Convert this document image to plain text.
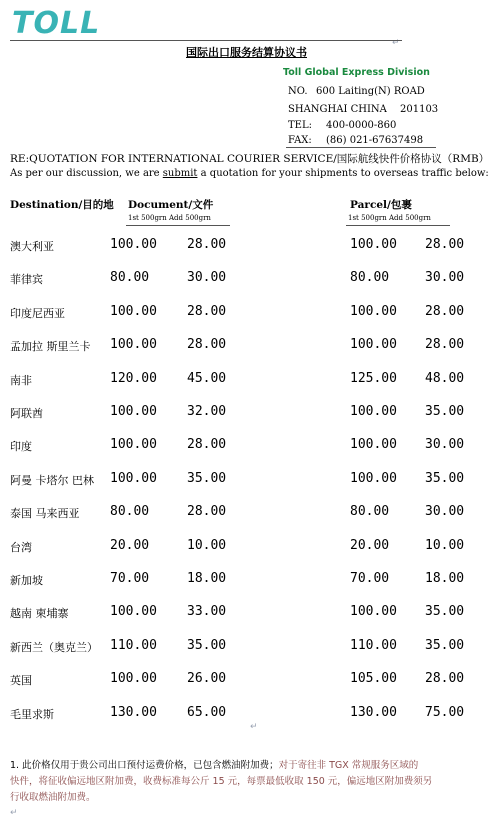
TOLL
↵
国际出口服务结算协议书
Toll Global Express Division
NO. 600 Laiting(N) ROAD
SHANGHAI CHINA 201103
TEL: 400-0000-860
FAX: (86) 021-67637498
RE:QUOTATION FOR INTERNATIONAL COURIER SERVICE/国际航线快件价格协议（RMB）
As per our discussion, we are submit a quotation for your shipments to overseas traffic below:
Destination/目的地 Document/文件	Parcel/包裹
1st 500grn Add 500grn	1st 500grn Add 500grn
澳大利亚	100.00 28.00	100.00 28.00
菲律宾	80.00	30.00	80.00	30.00
印度尼西亚	100.00 28.00	100.00 28.00
孟加拉 斯里兰卡 100.00 28.00	100.00 28.00
南非	120.00 45.00	125.00 48.00
阿联酋	100.00 32.00	100.00 35.00
印度	100.00 28.00	100.00 30.00
阿曼 卡塔尔 巴林 100.00 35.00	100.00 35.00
泰国 马来西亚 80.00	28.00	80.00	30.00
台湾	20.00	10.00	20.00	10.00
新加坡	70.00	18.00	70.00	18.00
越南 柬埔寨	100.00 33.00	100.00 35.00
新西兰（奥克兰） 110.00 35.00	110.00 35.00
英国	100.00 26.00	105.00 28.00
毛里求斯	130.00 65.00	130.00 75.00
↵
1. 此价格仅用于贵公司出口预付运费价格，已包含燃油附加费；对于寄往非 TGX 常规服务区域的
快件，将征收偏远地区附加费，收费标准每公斤 15 元，每票最低收取 150 元，偏远地区附加费须另
行收取燃油附加费。
↵
